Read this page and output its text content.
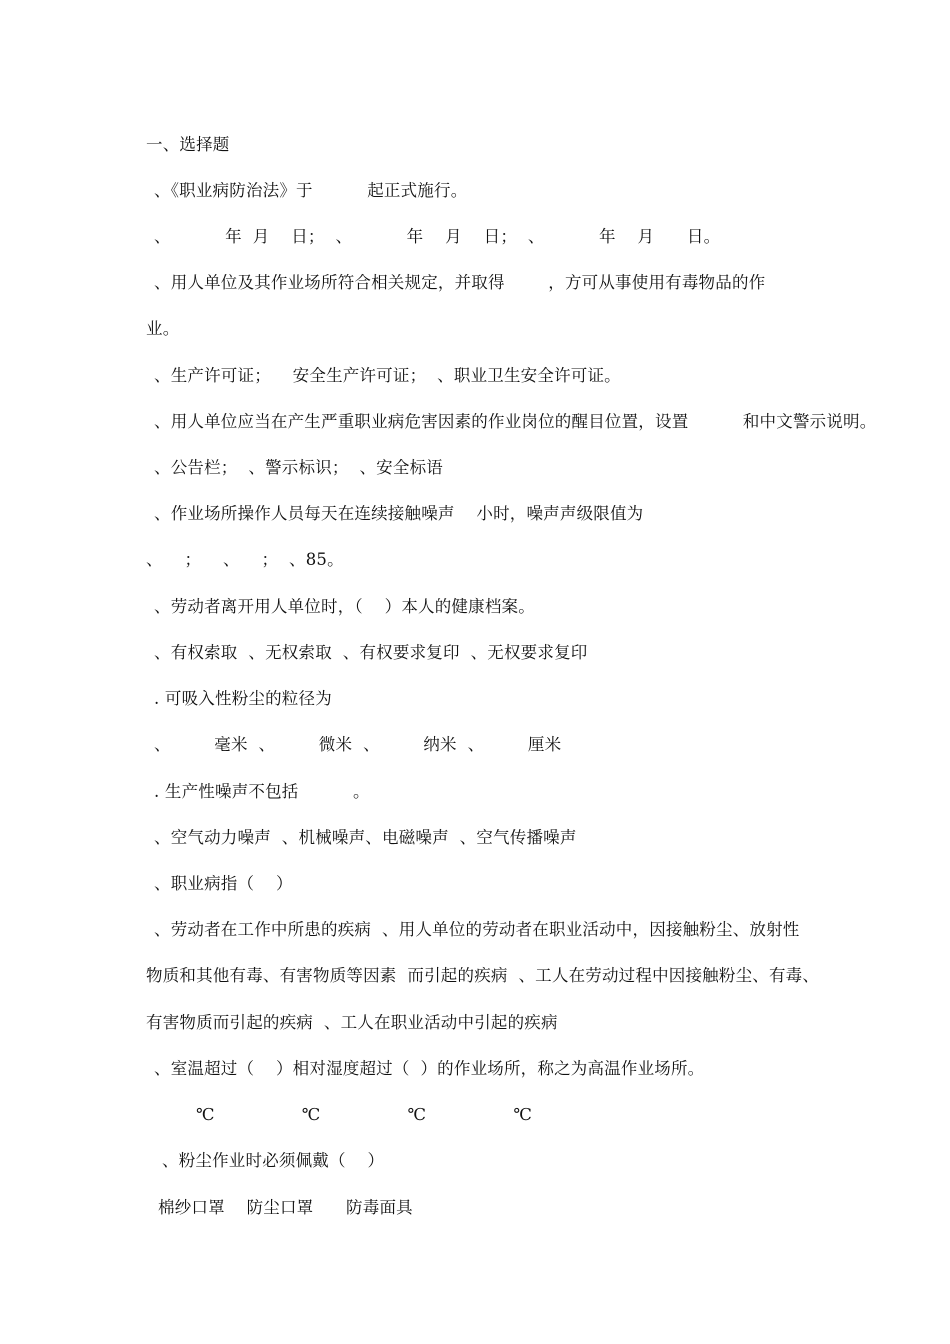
一、选择题
、《职业病防治法》于          起正式施行。
、          年  月    日；  、          年    月    日；  、          年    月      日。
、用人单位及其作业场所符合相关规定，并取得        ，方可从事使用有毒物品的作
业。
、生产许可证；    安全生产许可证；  、职业卫生安全许可证。
、用人单位应当在产生严重职业病危害因素的作业岗位的醒目位置，设置          和中文警示说明。
、公告栏；  、警示标识；  、安全标语
、作业场所操作人员每天在连续接触噪声    小时，噪声声级限值为
、    ；    、    ；  、85。
、劳动者离开用人单位时，（    ）本人的健康档案。
、有权索取  、无权索取  、有权要求复印  、无权要求复印
. 可吸入性粉尘的粒径为
、        毫米  、        微米  、        纳米  、        厘米
. 生产性噪声不包括          。
、空气动力噪声  、机械噪声、电磁噪声  、空气传播噪声
、职业病指（    ）
、劳动者在工作中所患的疾病  、用人单位的劳动者在职业活动中，因接触粉尘、放射性
物质和其他有毒、有害物质等因素  而引起的疾病  、工人在劳动过程中因接触粉尘、有毒、
有害物质而引起的疾病  、工人在职业活动中引起的疾病
、室温超过（    ）相对湿度超过（  ）的作业场所，称之为高温作业场所。
℃                ℃                ℃                ℃
、粉尘作业时必须佩戴（    ）
棉纱口罩    防尘口罩      防毒面具
